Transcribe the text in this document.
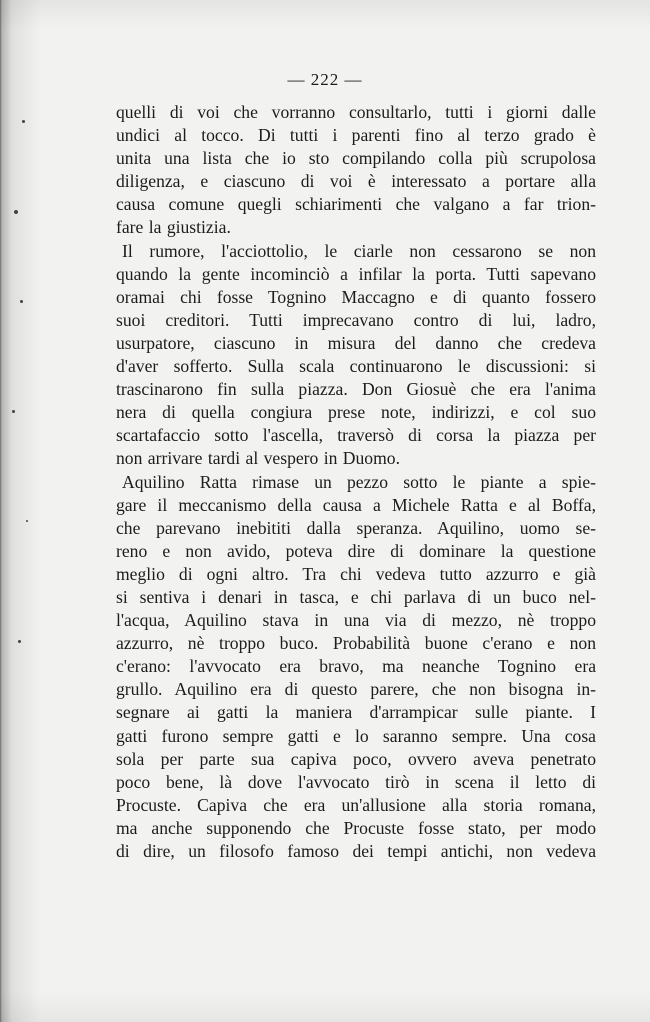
— 222 —
quelli di voi che vorranno consultarlo, tutti i giorni dalle
undici al tocco. Di tutti i parenti fino al terzo grado è
unita una lista che io sto compilando colla più scrupolosa
diligenza, e ciascuno di voi è interessato a portare alla
causa comune quegli schiarimenti che valgano a far trion-
fare la giustizia.
Il rumore, l'acciottolio, le ciarle non cessarono se non
quando la gente incominciò a infilar la porta. Tutti sapevano
oramai chi fosse Tognino Maccagno e di quanto fossero
suoi creditori. Tutti imprecavano contro di lui, ladro,
usurpatore, ciascuno in misura del danno che credeva
d'aver sofferto. Sulla scala continuarono le discussioni: si
trascinarono fin sulla piazza. Don Giosuè che era l'anima
nera di quella congiura prese note, indirizzi, e col suo
scartafaccio sotto l'ascella, traversò di corsa la piazza per
non arrivare tardi al vespero in Duomo.
Aquilino Ratta rimase un pezzo sotto le piante a spie-
gare il meccanismo della causa a Michele Ratta e al Boffa,
che parevano inebititi dalla speranza. Aquilino, uomo se-
reno e non avido, poteva dire di dominare la questione
meglio di ogni altro. Tra chi vedeva tutto azzurro e già
si sentiva i denari in tasca, e chi parlava di un buco nel-
l'acqua, Aquilino stava in una via di mezzo, nè troppo
azzurro, nè troppo buco. Probabilità buone c'erano e non
c'erano: l'avvocato era bravo, ma neanche Tognino era
grullo. Aquilino era di questo parere, che non bisogna in-
segnare ai gatti la maniera d'arrampicar sulle piante. I
gatti furono sempre gatti e lo saranno sempre. Una cosa
sola per parte sua capiva poco, ovvero aveva penetrato
poco bene, là dove l'avvocato tirò in scena il letto di
Procuste. Capiva che era un'allusione alla storia romana,
ma anche supponendo che Procuste fosse stato, per modo
di dire, un filosofo famoso dei tempi antichi, non vedeva
